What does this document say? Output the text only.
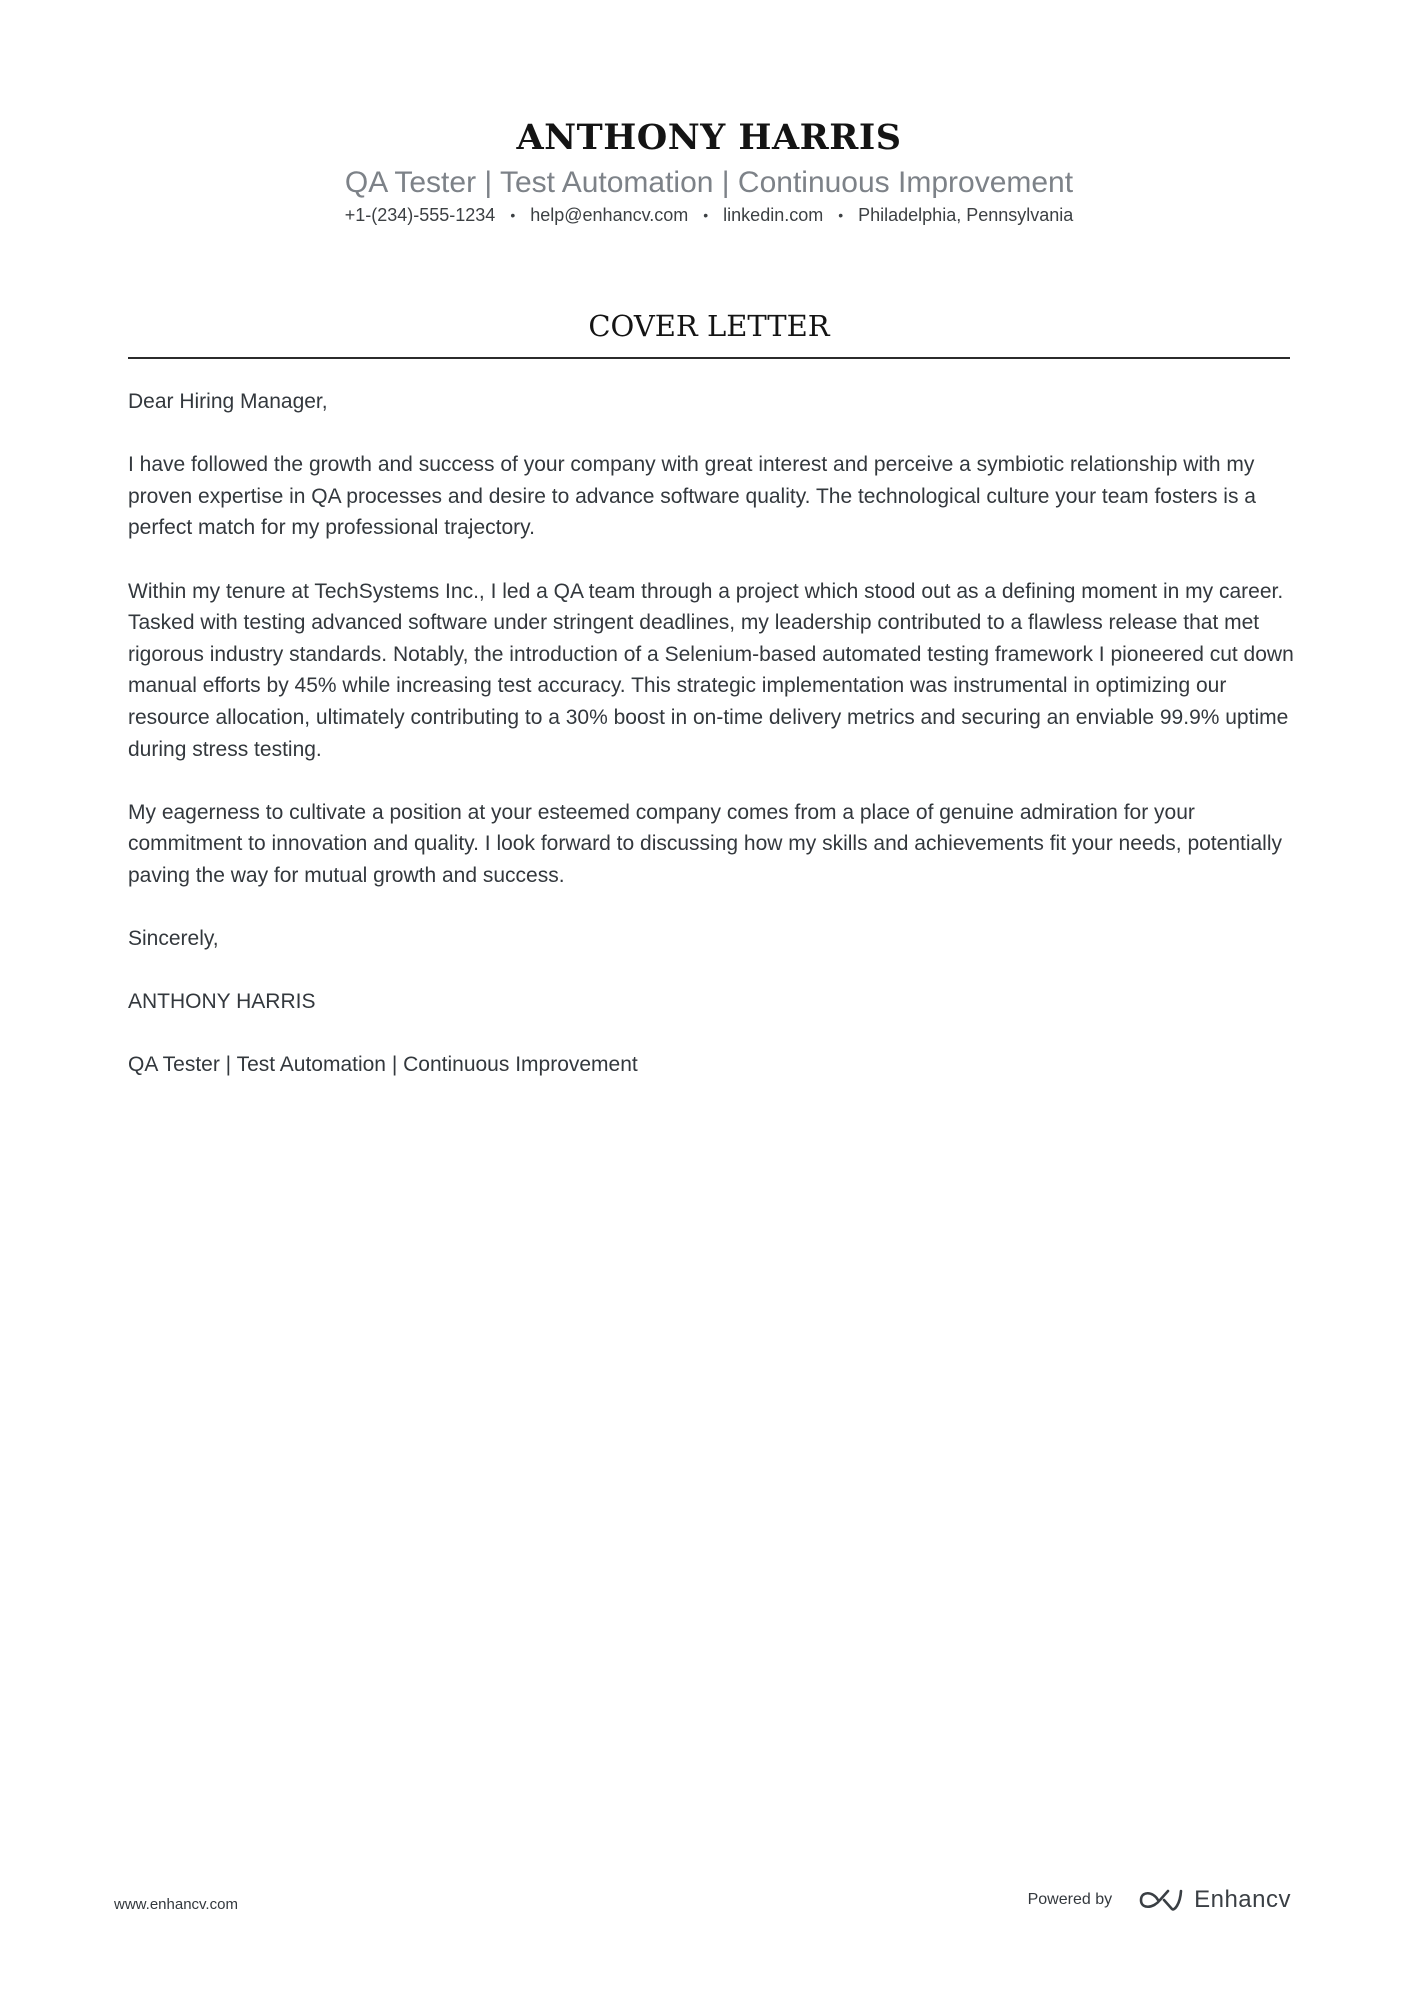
ANTHONY HARRIS
QA Tester | Test Automation | Continuous Improvement
+1-(234)-555-1234 • help@enhancv.com • linkedin.com • Philadelphia, Pennsylvania
COVER LETTER

Dear Hiring Manager,

I have followed the growth and success of your company with great interest and perceive a symbiotic relationship with my proven expertise in QA processes and desire to advance software quality. The technological culture your team fosters is a perfect match for my professional trajectory.

Within my tenure at TechSystems Inc., I led a QA team through a project which stood out as a defining moment in my career. Tasked with testing advanced software under stringent deadlines, my leadership contributed to a flawless release that met rigorous industry standards. Notably, the introduction of a Selenium-based automated testing framework I pioneered cut down manual efforts by 45% while increasing test accuracy. This strategic implementation was instrumental in optimizing our resource allocation, ultimately contributing to a 30% boost in on-time delivery metrics and securing an enviable 99.9% uptime during stress testing.

My eagerness to cultivate a position at your esteemed company comes from a place of genuine admiration for your commitment to innovation and quality. I look forward to discussing how my skills and achievements fit your needs, potentially paving the way for mutual growth and success.

Sincerely,

ANTHONY HARRIS

QA Tester | Test Automation | Continuous Improvement

www.enhancv.com	Powered by	Enhancv
